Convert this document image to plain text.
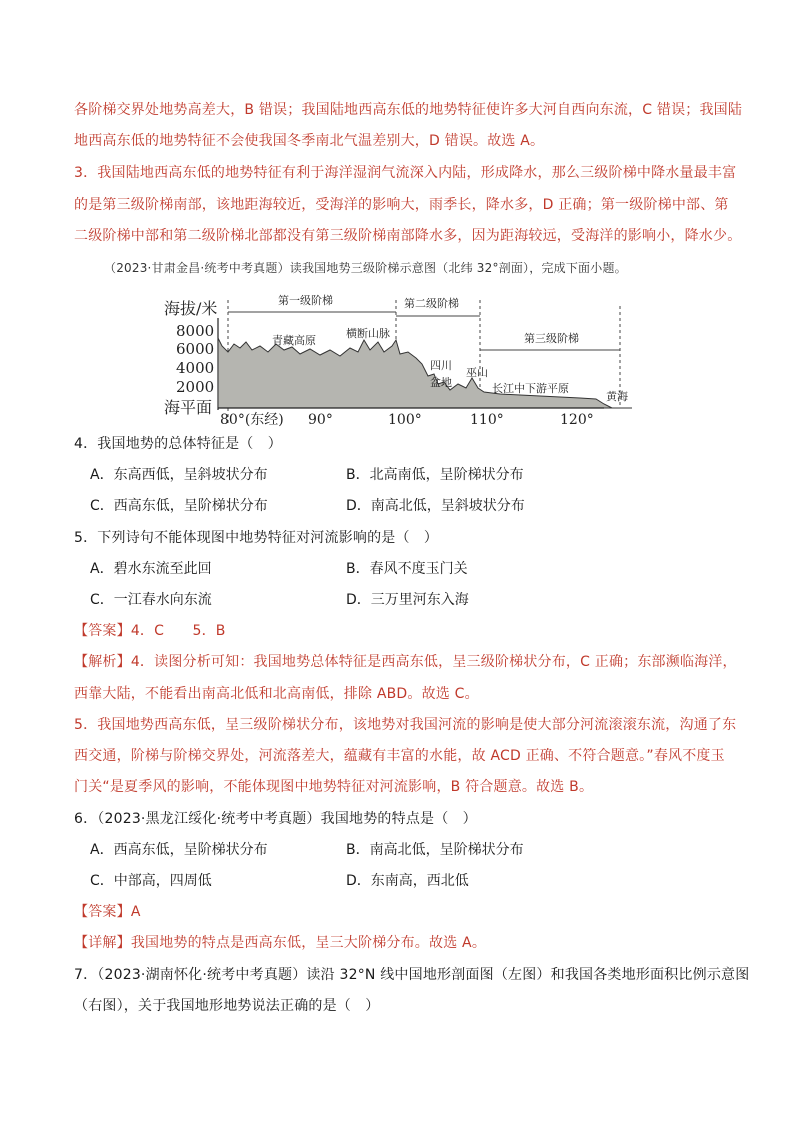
各阶梯交界处地势高差大，B 错误；我国陆地西高东低的地势特征使许多大河自西向东流，C 错误；我国陆
地西高东低的地势特征不会使我国冬季南北气温差别大，D 错误。故选 A。
3．我国陆地西高东低的地势特征有利于海洋湿润气流深入内陆，形成降水，那么三级阶梯中降水量最丰富
的是第三级阶梯南部，该地距海较近，受海洋的影响大，雨季长，降水多，D 正确；第一级阶梯中部、第
二级阶梯中部和第二级阶梯北部都没有第三级阶梯南部降水多，因为距海较远，受海洋的影响小，降水少。
（2023·甘肃金昌·统考中考真题）读我国地势三级阶梯示意图（北纬 32°剖面），完成下面小题。
第一级阶梯	第二级阶梯
第三级阶梯
海拔/米
8000
6000
4000
2000
海平面
青藏高原
横断山脉
四川
盆地
巫山
长江中下游平原
黄海
80°(东经) 90°	100°	110°	120°
4．我国地势的总体特征是（　）
A．东高西低，呈斜坡状分布	B．北高南低，呈阶梯状分布
C．西高东低，呈阶梯状分布	D．南高北低，呈斜坡状分布
5．下列诗句不能体现图中地势特征对河流影响的是（　）
A．碧水东流至此回	B．春风不度玉门关
C．一江春水向东流	D．三万里河东入海
【答案】4．C　　5．B
【解析】4．读图分析可知：我国地势总体特征是西高东低，呈三级阶梯状分布，C 正确；东部濒临海洋，
西靠大陆，不能看出南高北低和北高南低，排除 ABD。故选 C。
5．我国地势西高东低，呈三级阶梯状分布，该地势对我国河流的影响是使大部分河流滚滚东流，沟通了东
西交通，阶梯与阶梯交界处，河流落差大，蕴藏有丰富的水能，故 ACD 正确、不符合题意。”春风不度玉
门关“是夏季风的影响，不能体现图中地势特征对河流影响，B 符合题意。故选 B。
6．（2023·黑龙江绥化·统考中考真题）我国地势的特点是（　）
A．西高东低，呈阶梯状分布	B．南高北低，呈阶梯状分布
C．中部高，四周低	D．东南高，西北低
【答案】A
【详解】我国地势的特点是西高东低，呈三大阶梯分布。故选 A。
7．（2023·湖南怀化·统考中考真题）读沿 32°N 线中国地形剖面图（左图）和我国各类地形面积比例示意图
（右图），关于我国地形地势说法正确的是（　）
